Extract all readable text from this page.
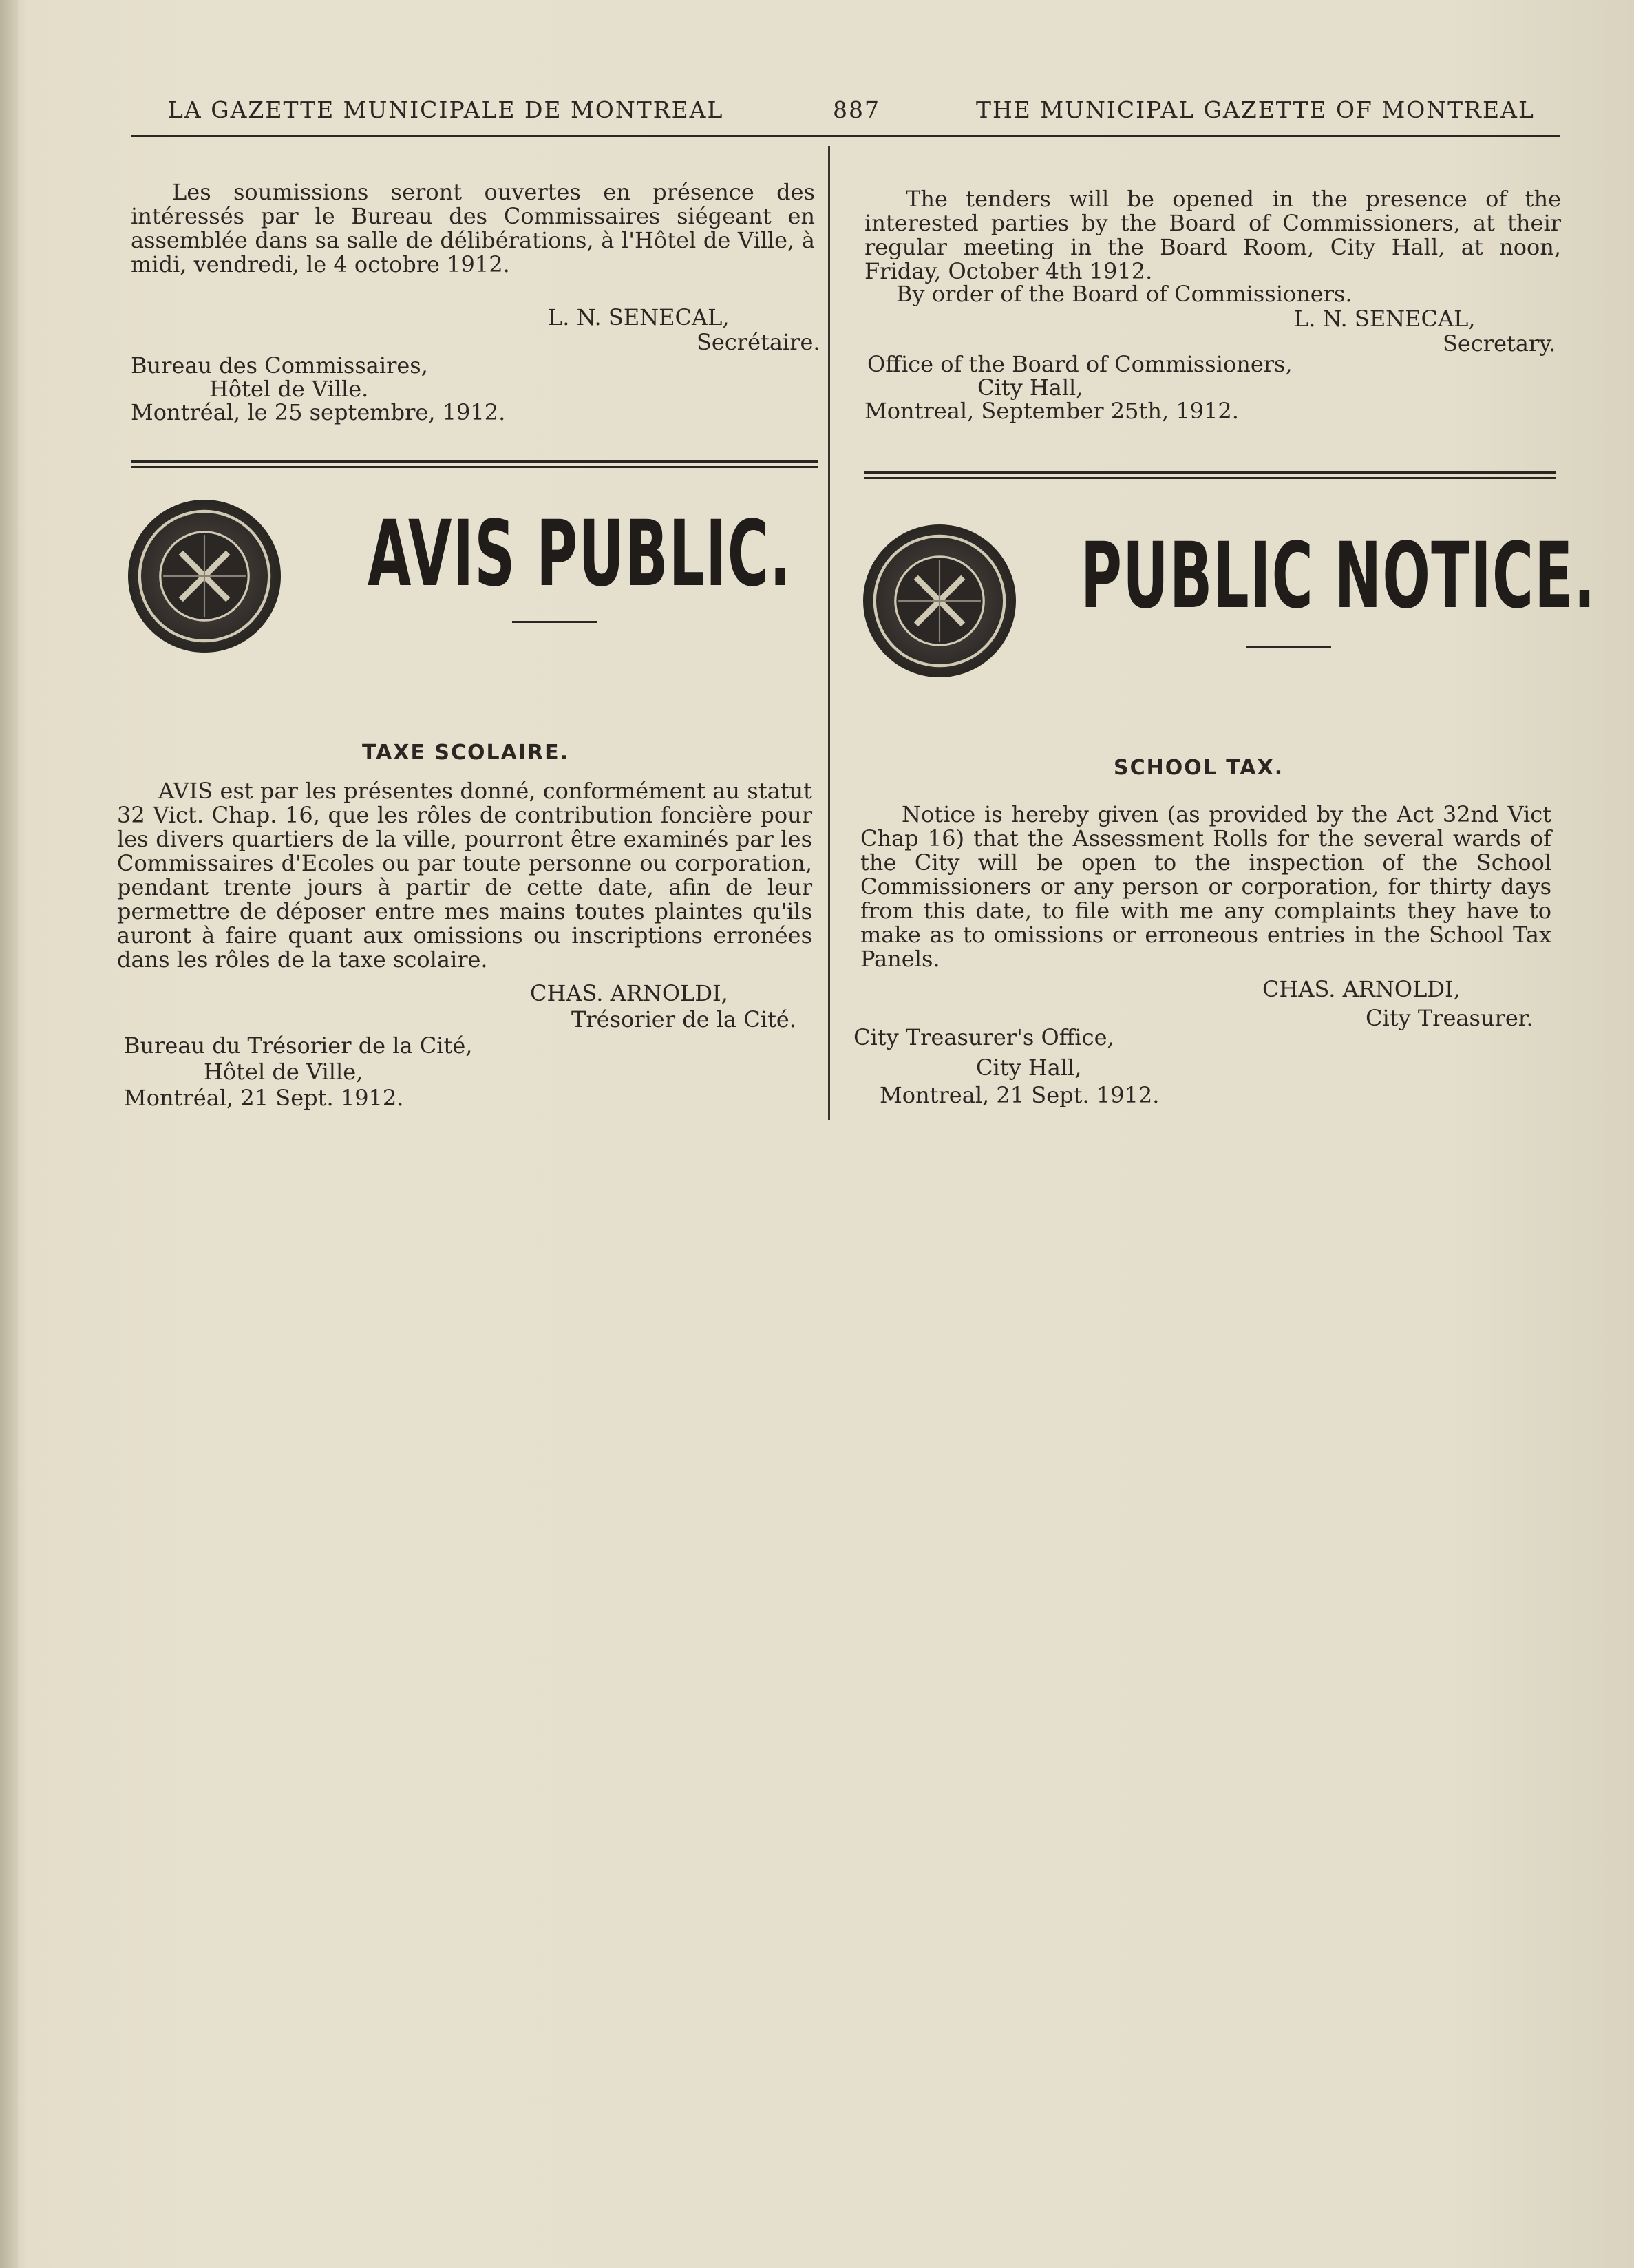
LA GAZETTE MUNICIPALE DE MONTREAL	887	THE MUNICIPAL GAZETTE OF MONTREAL

Les soumissions seront ouvertes en présence des intéressés par le Bureau des Commissaires siégeant en assemblée dans sa salle de délibérations, à l'Hôtel de Ville, à midi, vendredi, le 4 octobre 1912.

L. N. SENECAL,
Secrétaire.
Bureau des Commissaires,
Hôtel de Ville.
Montréal, le 25 septembre, 1912.

The tenders will be opened in the presence of the interested parties by the Board of Commissioners, at their regular meeting in the Board Room, City Hall, at noon, Friday, October 4th 1912.

By order of the Board of Commissioners.
L. N. SENECAL,
Secretary.
Office of the Board of Commissioners,
City Hall,
Montreal, September 25th, 1912.
AVIS PUBLIC.	PUBLIC NOTICE.
TAXE SCOLAIRE.

AVIS est par les présentes donné, conformément au statut 32 Vict. Chap. 16, que les rôles de contribution foncière pour les divers quartiers de la ville, pourront être examinés par les Commissaires d'Ecoles ou par toute personne ou corporation, pendant trente jours à partir de cette date, afin de leur permettre de déposer entre mes mains toutes plaintes qu'ils auront à faire quant aux omissions ou inscriptions erronées dans les rôles de la taxe scolaire.

CHAS. ARNOLDI,
Trésorier de la Cité.
Bureau du Trésorier de la Cité,
Hôtel de Ville,
Montréal, 21 Sept. 1912.
SCHOOL TAX.

Notice is hereby given (as provided by the Act 32nd Vict Chap 16) that the Assessment Rolls for the several wards of the City will be open to the inspection of the School Commissioners or any person or corporation, for thirty days from this date, to file with me any complaints they have to make as to omissions or erroneous entries in the School Tax Panels.

CHAS. ARNOLDI,
City Treasurer.
City Treasurer's Office,
City Hall,
Montreal, 21 Sept. 1912.
